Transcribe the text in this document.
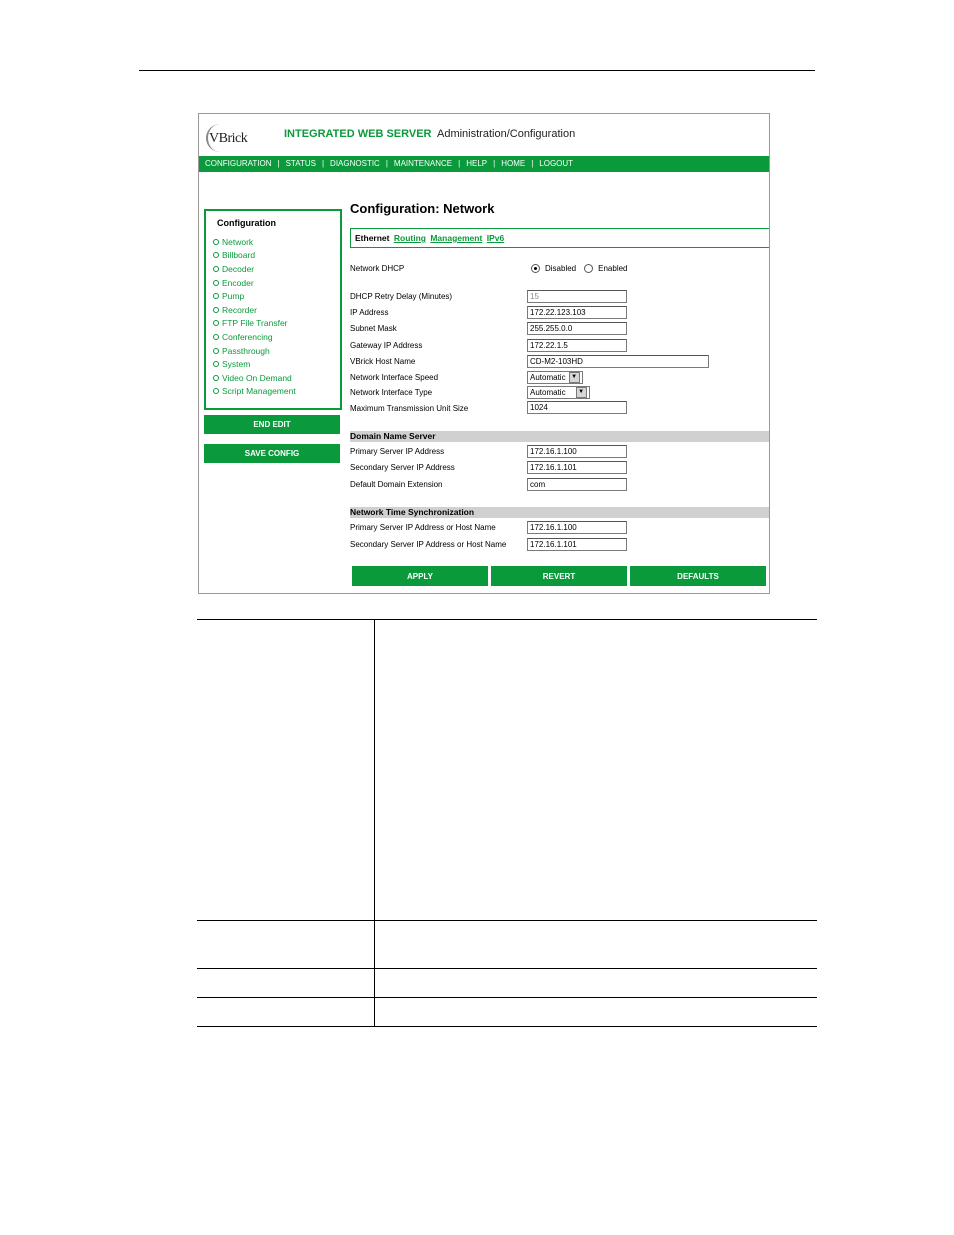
VBrick	INTEGRATED WEB SERVER Administration/Configuration
CONFIGURATION | STATUS | DIAGNOSTIC | MAINTENANCE | HELP | HOME | LOGOUT
Configuration
Network
Billboard
Decoder
Encoder
Pump
Recorder
FTP File Transfer
Conferencing
Passthrough
System
Video On Demand
Script Management
END EDIT
SAVE CONFIG
Configuration: Network
Ethernet Routing Management IPv6
Network DHCP	Disabled	Enabled
DHCP Retry Delay (Minutes)	15
IP Address	172.22.123.103
Subnet Mask	255.255.0.0
Gateway IP Address	172.22.1.5
VBrick Host Name	CD-M2-103HD
Network Interface Speed	Automatic ▼
Network Interface Type	Automatic	▼
Maximum Transmission Unit Size	1024
Domain Name Server
Primary Server IP Address	172.16.1.100
Secondary Server IP Address	172.16.1.101
Default Domain Extension	com
Network Time Synchronization
Primary Server IP Address or Host Name	172.16.1.100
Secondary Server IP Address or Host Name	172.16.1.101
APPLY	REVERT	DEFAULTS
